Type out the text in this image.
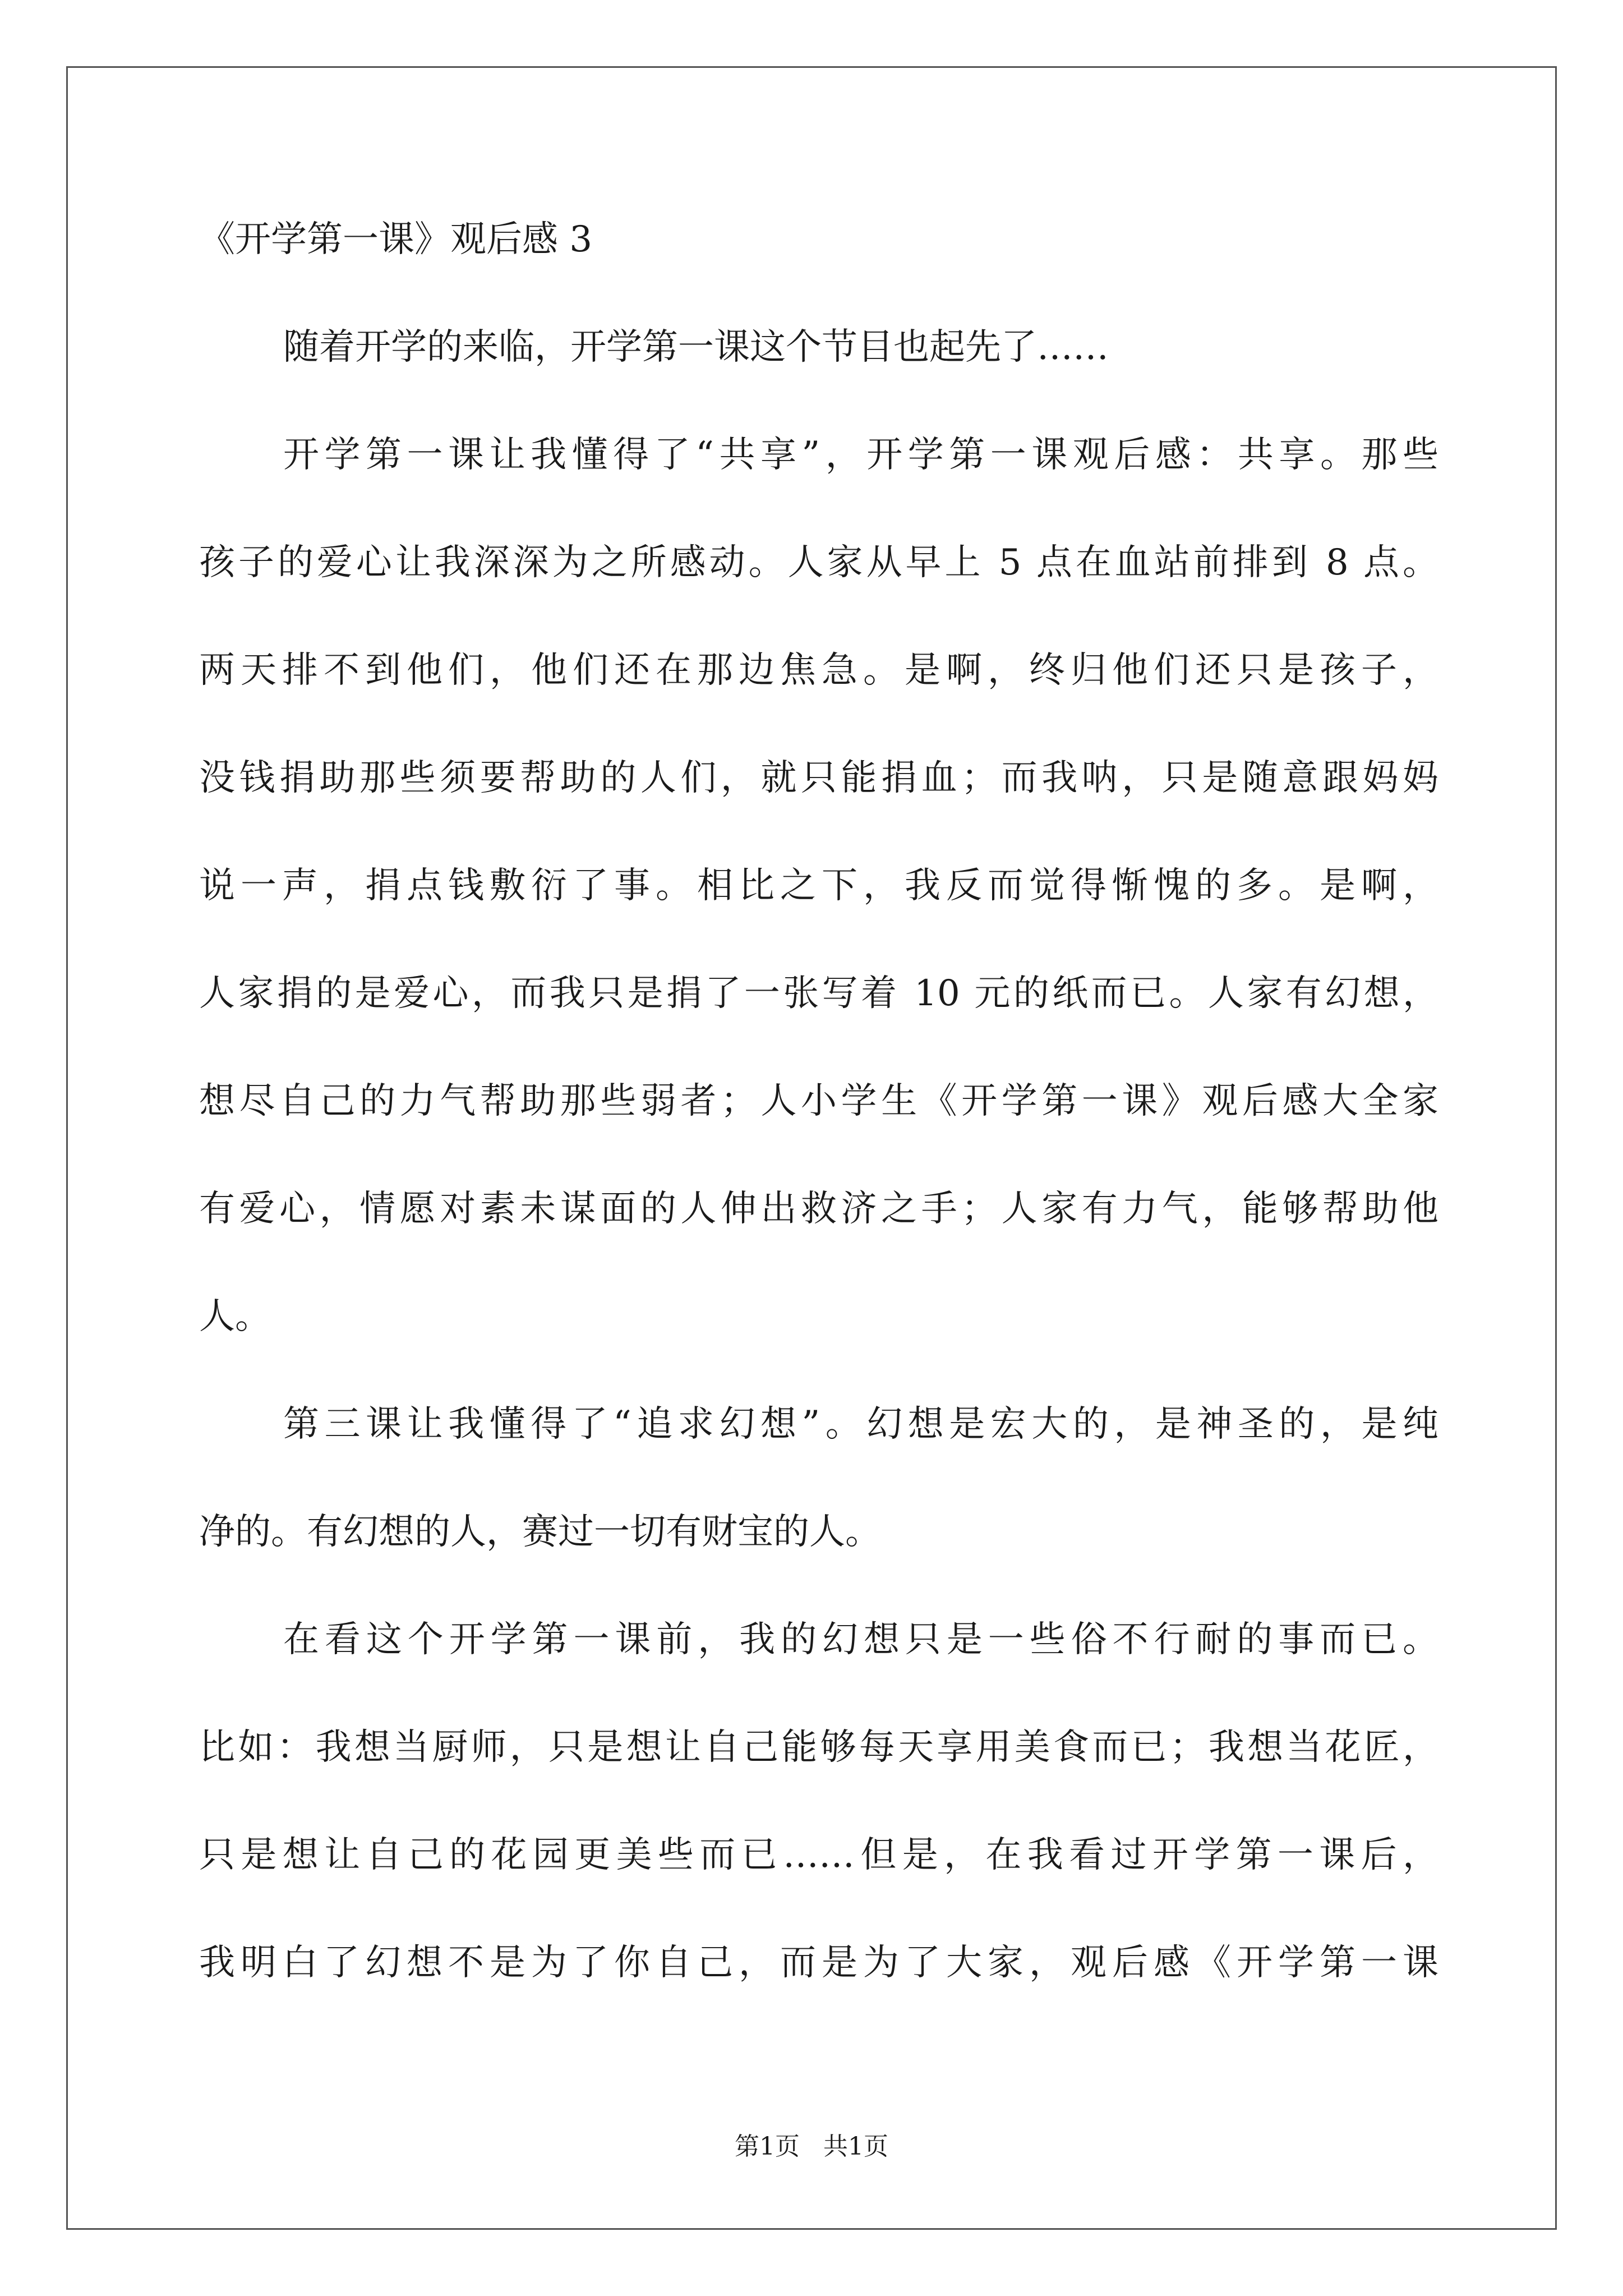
《开学第一课》观后感 3
随着开学的来临，开学第一课这个节目也起先了……
开学第一课让我懂得了“共享”，开学第一课观后感：共享。那些
孩子的爱心让我深深为之所感动。人家从早上 5 点在血站前排到 8 点。
两天排不到他们，他们还在那边焦急。是啊，终归他们还只是孩子，
没钱捐助那些须要帮助的人们，就只能捐血；而我呐，只是随意跟妈妈
说一声，捐点钱敷衍了事。相比之下，我反而觉得惭愧的多。是啊，
人家捐的是爱心，而我只是捐了一张写着 10 元的纸而已。人家有幻想，
想尽自己的力气帮助那些弱者；人小学生《开学第一课》观后感大全家
有爱心，情愿对素未谋面的人伸出救济之手；人家有力气，能够帮助他
人。
第三课让我懂得了“追求幻想”。幻想是宏大的，是神圣的，是纯
净的。有幻想的人，赛过一切有财宝的人。
在看这个开学第一课前，我的幻想只是一些俗不行耐的事而已。
比如：我想当厨师，只是想让自己能够每天享用美食而已；我想当花匠，
只是想让自己的花园更美些而已……但是，在我看过开学第一课后，
我明白了幻想不是为了你自己，而是为了大家，观后感《开学第一课
第1页   共1页
